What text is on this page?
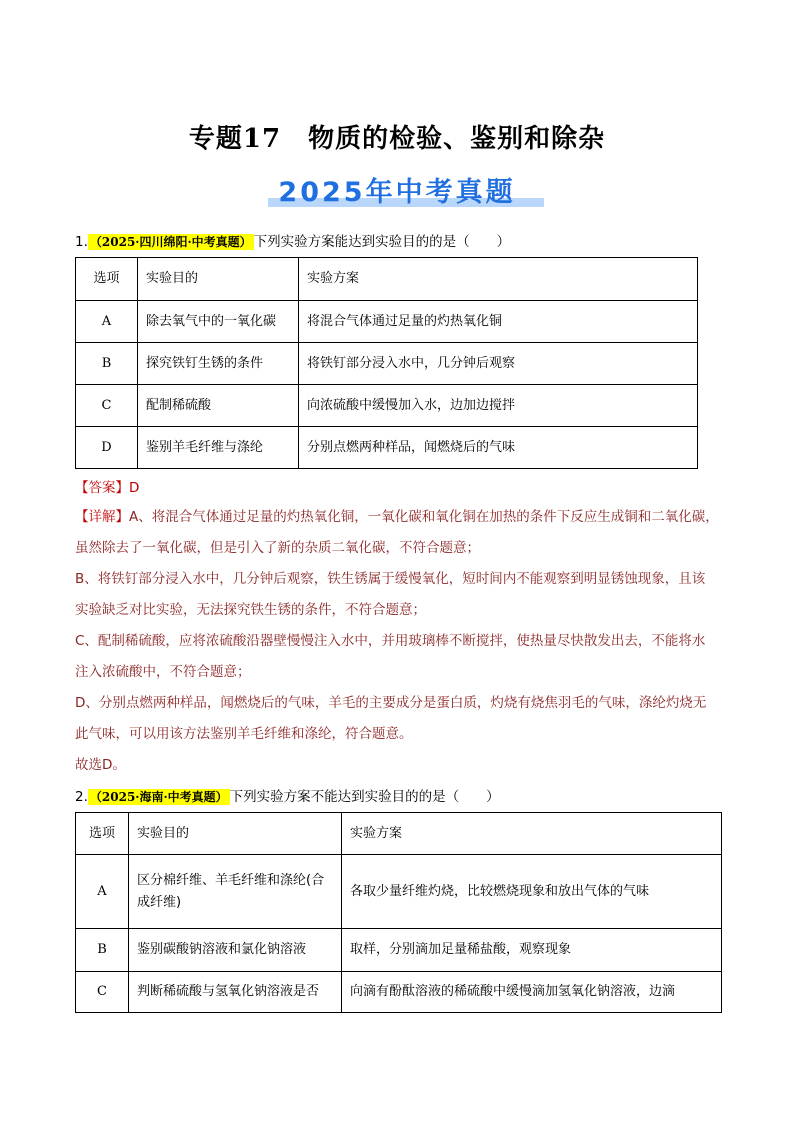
专题17　物质的检验、鉴别和除杂
2025年中考真题
1. （2025·四川绵阳·中考真题） 下列实验方案能达到实验目的的是（　　）
选项	实验目的	实验方案
A	除去氧气中的一氧化碳	将混合气体通过足量的灼热氧化铜
B	探究铁钉生锈的条件	将铁钉部分浸入水中，几分钟后观察
C	配制稀硫酸	向浓硫酸中缓慢加入水，边加边搅拌
D	鉴别羊毛纤维与涤纶	分别点燃两种样品，闻燃烧后的气味
【答案】D

【详解】A、将混合气体通过足量的灼热氧化铜，一氧化碳和氧化铜在加热的条件下反应生成铜和二氧化碳，

虽然除去了一氧化碳，但是引入了新的杂质二氧化碳，不符合题意；

B、将铁钉部分浸入水中，几分钟后观察，铁生锈属于缓慢氧化，短时间内不能观察到明显锈蚀现象，且该

实验缺乏对比实验，无法探究铁生锈的条件，不符合题意；

C、配制稀硫酸，应将浓硫酸沿器壁慢慢注入水中，并用玻璃棒不断搅拌，使热量尽快散发出去，不能将水

注入浓硫酸中，不符合题意；

D、分别点燃两种样品，闻燃烧后的气味，羊毛的主要成分是蛋白质，灼烧有烧焦羽毛的气味，涤纶灼烧无

此气味，可以用该方法鉴别羊毛纤维和涤纶，符合题意。

故选D。

2. （2025·海南·中考真题） 下列实验方案不能达到实验目的的是（　　）
选项	实验目的	实验方案
A	区分棉纤维、羊毛纤维和涤纶(合
成纤维)	各取少量纤维灼烧，比较燃烧现象和放出气体的气味
B	鉴别碳酸钠溶液和氯化钠溶液	取样，分别滴加足量稀盐酸，观察现象
C	判断稀硫酸与氢氧化钠溶液是否	向滴有酚酞溶液的稀硫酸中缓慢滴加氢氧化钠溶液，边滴
